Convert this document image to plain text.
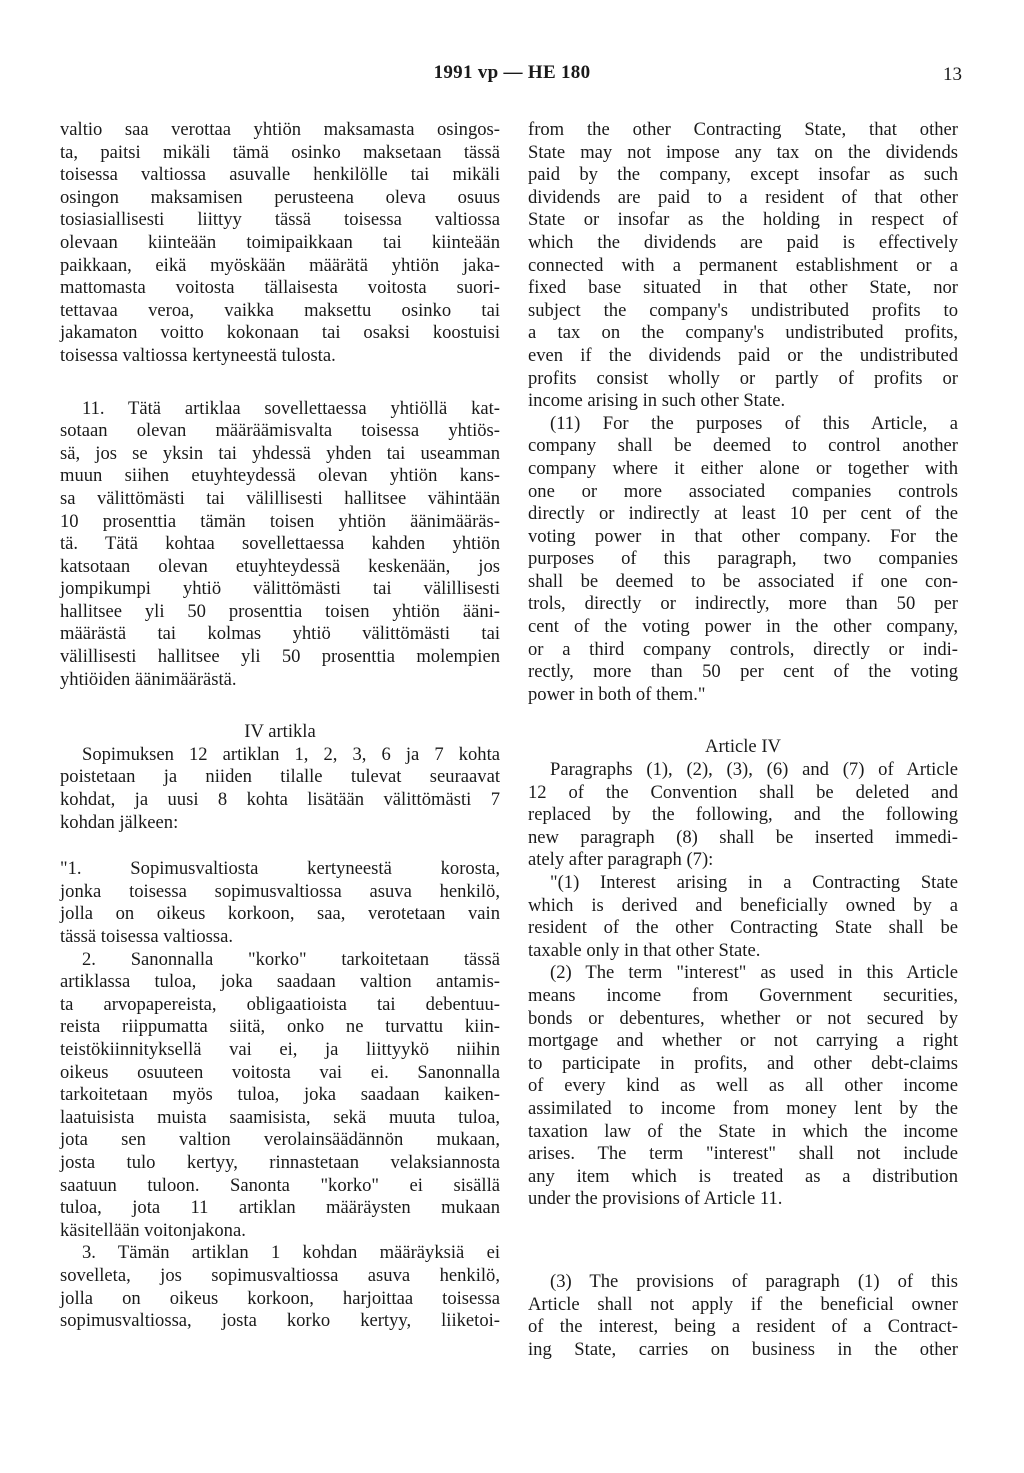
1991 vp — HE 180	13
valtio saa verottaa yhtiön maksamasta osingos-
ta, paitsi mikäli tämä osinko maksetaan tässä
toisessa valtiossa asuvalle henkilölle tai mikäli
osingon maksamisen perusteena oleva osuus
tosiasiallisesti liittyy tässä toisessa valtiossa
olevaan kiinteään toimipaikkaan tai kiinteään
paikkaan, eikä myöskään määrätä yhtiön jaka-
mattomasta voitosta tällaisesta voitosta suori-
tettavaa veroa, vaikka maksettu osinko tai
jakamaton voitto kokonaan tai osaksi koostuisi
toisessa valtiossa kertyneestä tulosta.
11. Tätä artiklaa sovellettaessa yhtiöllä kat-
sotaan olevan määräämisvalta toisessa yhtiös-
sä, jos se yksin tai yhdessä yhden tai useamman
muun siihen etuyhteydessä olevan yhtiön kans-
sa välittömästi tai välillisesti hallitsee vähintään
10 prosenttia tämän toisen yhtiön äänimääräs-
tä. Tätä kohtaa sovellettaessa kahden yhtiön
katsotaan olevan etuyhteydessä keskenään, jos
jompikumpi yhtiö välittömästi tai välillisesti
hallitsee yli 50 prosenttia toisen yhtiön ääni-
määrästä tai kolmas yhtiö välittömästi tai
välillisesti hallitsee yli 50 prosenttia molempien
yhtiöiden äänimäärästä.
IV artikla
Sopimuksen 12 artiklan 1, 2, 3, 6 ja 7 kohta
poistetaan ja niiden tilalle tulevat seuraavat
kohdat, ja uusi 8 kohta lisätään välittömästi 7
kohdan jälkeen:
"1. Sopimusvaltiosta kertyneestä korosta,
jonka toisessa sopimusvaltiossa asuva henkilö,
jolla on oikeus korkoon, saa, verotetaan vain
tässä toisessa valtiossa.
2. Sanonnalla "korko" tarkoitetaan tässä
artiklassa tuloa, joka saadaan valtion antamis-
ta arvopapereista, obligaatioista tai debentuu-
reista riippumatta siitä, onko ne turvattu kiin-
teistökiinnityksellä vai ei, ja liittyykö niihin
oikeus osuuteen voitosta vai ei. Sanonnalla
tarkoitetaan myös tuloa, joka saadaan kaiken-
laatuisista muista saamisista, sekä muuta tuloa,
jota sen valtion verolainsäädännön mukaan,
josta tulo kertyy, rinnastetaan velaksiannosta
saatuun tuloon. Sanonta "korko" ei sisällä
tuloa, jota 11 artiklan määräysten mukaan
käsitellään voitonjakona.
3. Tämän artiklan 1 kohdan määräyksiä ei
sovelleta, jos sopimusvaltiossa asuva henkilö,
jolla on oikeus korkoon, harjoittaa toisessa
sopimusvaltiossa, josta korko kertyy, liiketoi-
from the other Contracting State, that other
State may not impose any tax on the dividends
paid by the company, except insofar as such
dividends are paid to a resident of that other
State or insofar as the holding in respect of
which the dividends are paid is effectively
connected with a permanent establishment or a
fixed base situated in that other State, nor
subject the company's undistributed profits to
a tax on the company's undistributed profits,
even if the dividends paid or the undistributed
profits consist wholly or partly of profits or
income arising in such other State.
(11) For the purposes of this Article, a
company shall be deemed to control another
company where it either alone or together with
one or more associated companies controls
directly or indirectly at least 10 per cent of the
voting power in that other company. For the
purposes of this paragraph, two companies
shall be deemed to be associated if one con-
trols, directly or indirectly, more than 50 per
cent of the voting power in the other company,
or a third company controls, directly or indi-
rectly, more than 50 per cent of the voting
power in both of them."
Article IV
Paragraphs (1), (2), (3), (6) and (7) of Article
12 of the Convention shall be deleted and
replaced by the following, and the following
new paragraph (8) shall be inserted immedi-
ately after paragraph (7):
"(1) Interest arising in a Contracting State
which is derived and beneficially owned by a
resident of the other Contracting State shall be
taxable only in that other State.
(2) The term "interest" as used in this Article
means income from Government securities,
bonds or debentures, whether or not secured by
mortgage and whether or not carrying a right
to participate in profits, and other debt-claims
of every kind as well as all other income
assimilated to income from money lent by the
taxation law of the State in which the income
arises. The term "interest" shall not include
any item which is treated as a distribution
under the provisions of Article 11.
(3) The provisions of paragraph (1) of this
Article shall not apply if the beneficial owner
of the interest, being a resident of a Contract-
ing State, carries on business in the other
